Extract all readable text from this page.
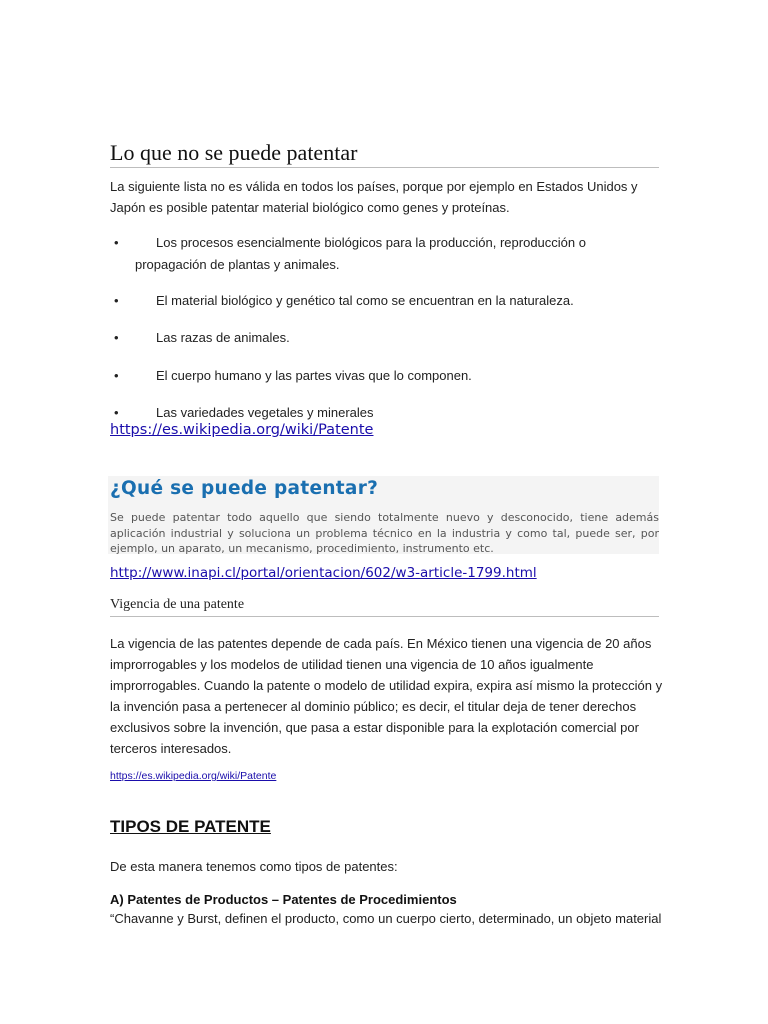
Lo que no se puede patentar
La siguiente lista no es válida en todos los países, porque por ejemplo en Estados Unidos y Japón es posible patentar material biológico como genes y proteínas.
•	Los procesos esencialmente biológicos para la producción, reproducción o
propagación de plantas y animales.
•	El material biológico y genético tal como se encuentran en la naturaleza.
•	Las razas de animales.
•	El cuerpo humano y las partes vivas que lo componen.
•	Las variedades vegetales y minerales
https://es.wikipedia.org/wiki/Patente
¿Qué se puede patentar?
Se puede patentar todo aquello que siendo totalmente nuevo y desconocido, tiene además aplicación industrial y soluciona un problema técnico en la industria y como tal, puede ser, por ejemplo, un aparato, un mecanismo, procedimiento, instrumento etc.
http://www.inapi.cl/portal/orientacion/602/w3-article-1799.html
Vigencia de una patente
La vigencia de las patentes depende de cada país. En México tienen una vigencia de 20 años improrrogables y los modelos de utilidad tienen una vigencia de 10 años igualmente improrrogables. Cuando la patente o modelo de utilidad expira, expira así mismo la protección y la invención pasa a pertenecer al dominio público; es decir, el titular deja de tener derechos exclusivos sobre la invención, que pasa a estar disponible para la explotación comercial por terceros interesados.
https://es.wikipedia.org/wiki/Patente
TIPOS DE PATENTE
De esta manera tenemos como tipos de patentes:
A) Patentes de Productos – Patentes de Procedimientos
“Chavanne y Burst, definen el producto, como un cuerpo cierto, determinado, un objeto material
